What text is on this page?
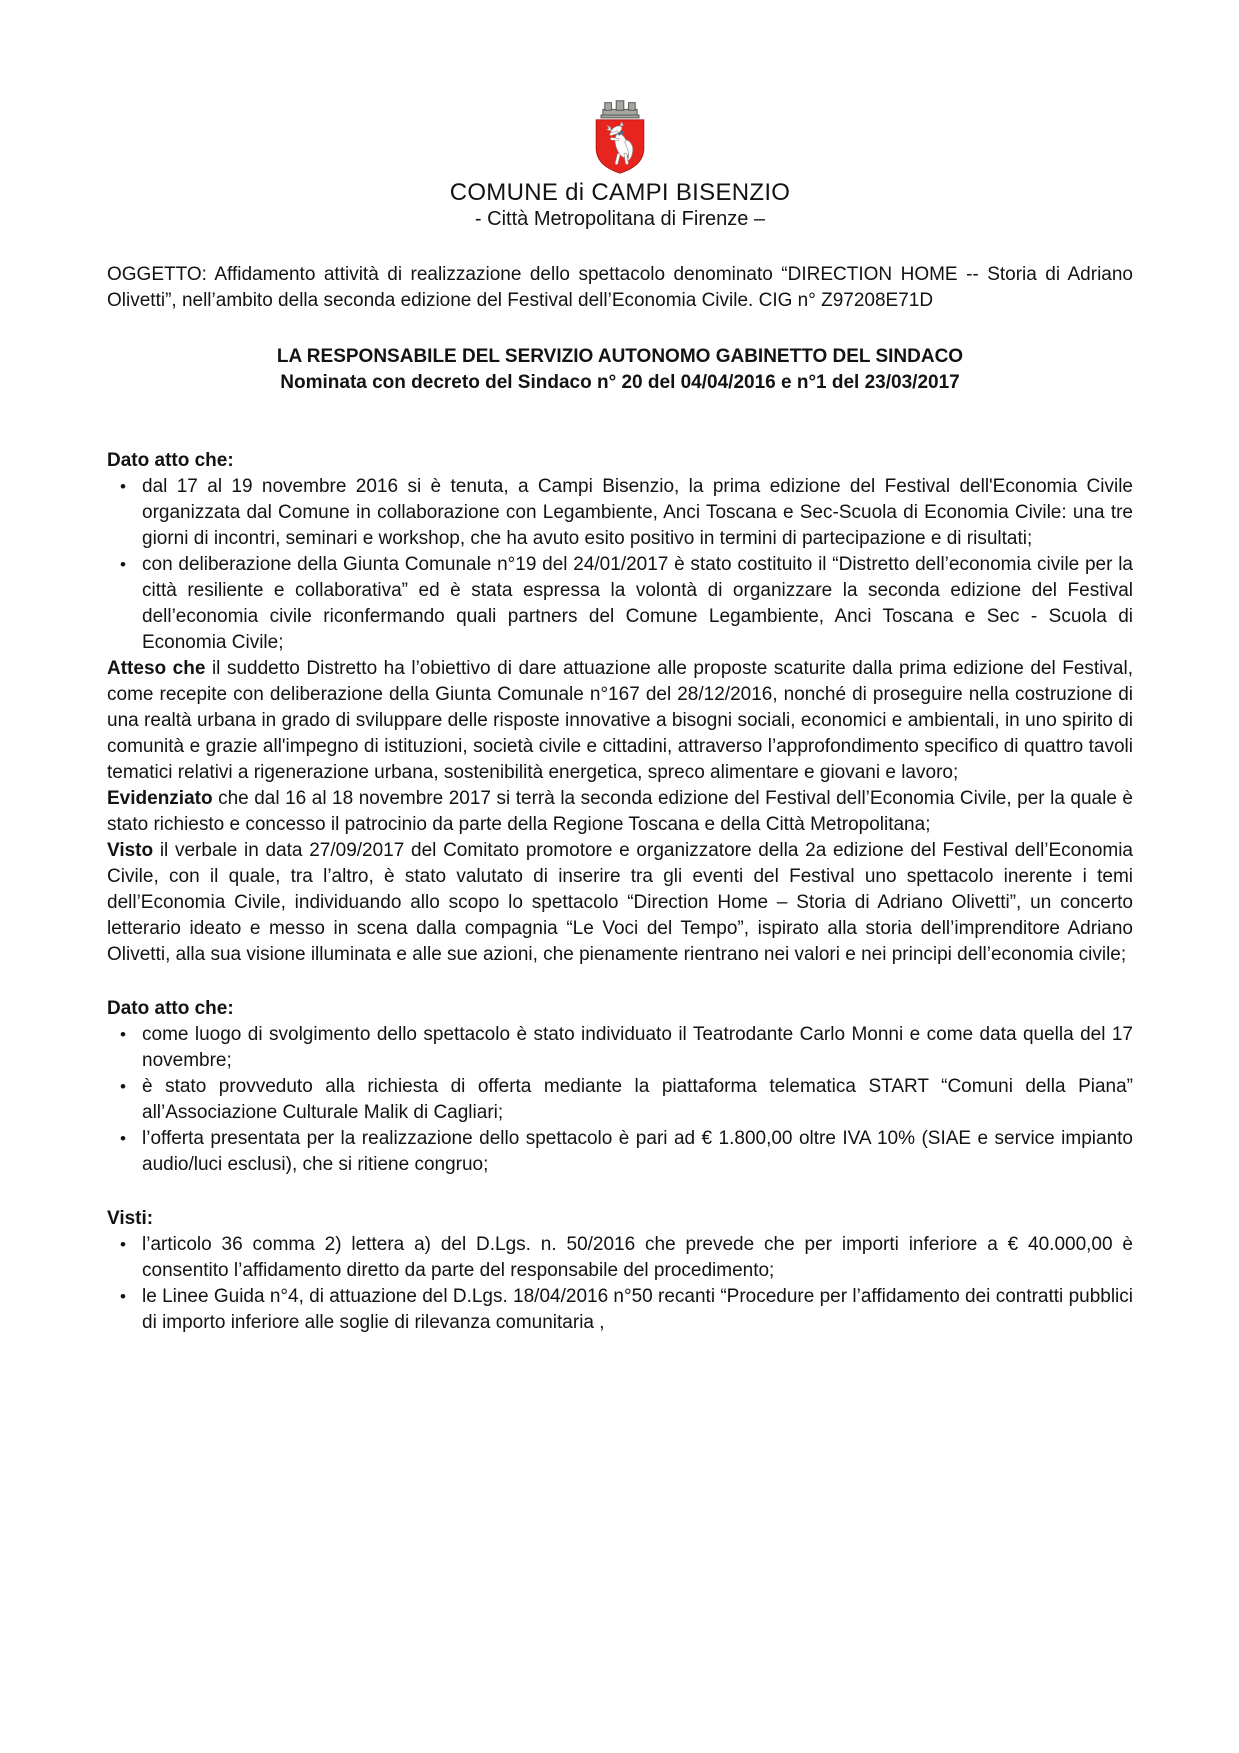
COMUNE di CAMPI BISENZIO
- Città Metropolitana di Firenze –

OGGETTO: Affidamento attività di realizzazione dello spettacolo denominato “DIRECTION HOME -- Storia di Adriano Olivetti”, nell’ambito della seconda edizione del Festival dell’Economia Civile. CIG n° Z97208E71D

LA RESPONSABILE DEL SERVIZIO AUTONOMO GABINETTO DEL SINDACO
Nominata con decreto del Sindaco n° 20 del 04/04/2016 e n°1 del 23/03/2017
Dato atto che:
• dal 17 al 19 novembre 2016 si è tenuta, a Campi Bisenzio, la prima edizione del Festival dell'Economia Civile organizzata dal Comune in collaborazione con Legambiente, Anci Toscana e Sec-Scuola di Economia Civile: una tre giorni di incontri, seminari e workshop, che ha avuto esito positivo in termini di partecipazione e di risultati;
• con deliberazione della Giunta Comunale n°19 del 24/01/2017 è stato costituito il “Distretto dell’economia civile per la città resiliente e collaborativa” ed è stata espressa la volontà di organizzare la seconda edizione del Festival dell’economia civile riconfermando quali partners del Comune Legambiente, Anci Toscana e Sec - Scuola di Economia Civile;

Atteso che il suddetto Distretto ha l’obiettivo di dare attuazione alle proposte scaturite dalla prima edizione del Festival, come recepite con deliberazione della Giunta Comunale n°167 del 28/12/2016, nonché di proseguire nella costruzione di una realtà urbana in grado di sviluppare delle risposte innovative a bisogni sociali, economici e ambientali, in uno spirito di comunità e grazie all'impegno di istituzioni, società civile e cittadini, attraverso l’approfondimento specifico di quattro tavoli tematici relativi a rigenerazione urbana, sostenibilità energetica, spreco alimentare e giovani e lavoro;

Evidenziato che dal 16 al 18 novembre 2017 si terrà la seconda edizione del Festival dell’Economia Civile, per la quale è stato richiesto e concesso il patrocinio da parte della Regione Toscana e della Città Metropolitana;

Visto il verbale in data 27/09/2017 del Comitato promotore e organizzatore della 2a edizione del Festival dell’Economia Civile, con il quale, tra l’altro, è stato valutato di inserire tra gli eventi del Festival uno spettacolo inerente i temi dell’Economia Civile, individuando allo scopo lo spettacolo “Direction Home – Storia di Adriano Olivetti”, un concerto letterario ideato e messo in scena dalla compagnia “Le Voci del Tempo”, ispirato alla storia dell’imprenditore Adriano Olivetti, alla sua visione illuminata e alle sue azioni, che pienamente rientrano nei valori e nei principi dell’economia civile;

Dato atto che:
• come luogo di svolgimento dello spettacolo è stato individuato il Teatrodante Carlo Monni e come data quella del 17 novembre;
• è stato provveduto alla richiesta di offerta mediante la piattaforma telematica START “Comuni della Piana” all’Associazione Culturale Malik di Cagliari;
• l’offerta presentata per la realizzazione dello spettacolo è pari ad € 1.800,00 oltre IVA 10% (SIAE e service impianto audio/luci esclusi), che si ritiene congruo;
Visti:
• l’articolo 36 comma 2) lettera a) del D.Lgs. n. 50/2016 che prevede che per importi inferiore a € 40.000,00 è consentito l’affidamento diretto da parte del responsabile del procedimento;
• le Linee Guida n°4, di attuazione del D.Lgs. 18/04/2016 n°50 recanti “Procedure per l’affidamento dei contratti pubblici di importo inferiore alle soglie di rilevanza comunitaria ,
